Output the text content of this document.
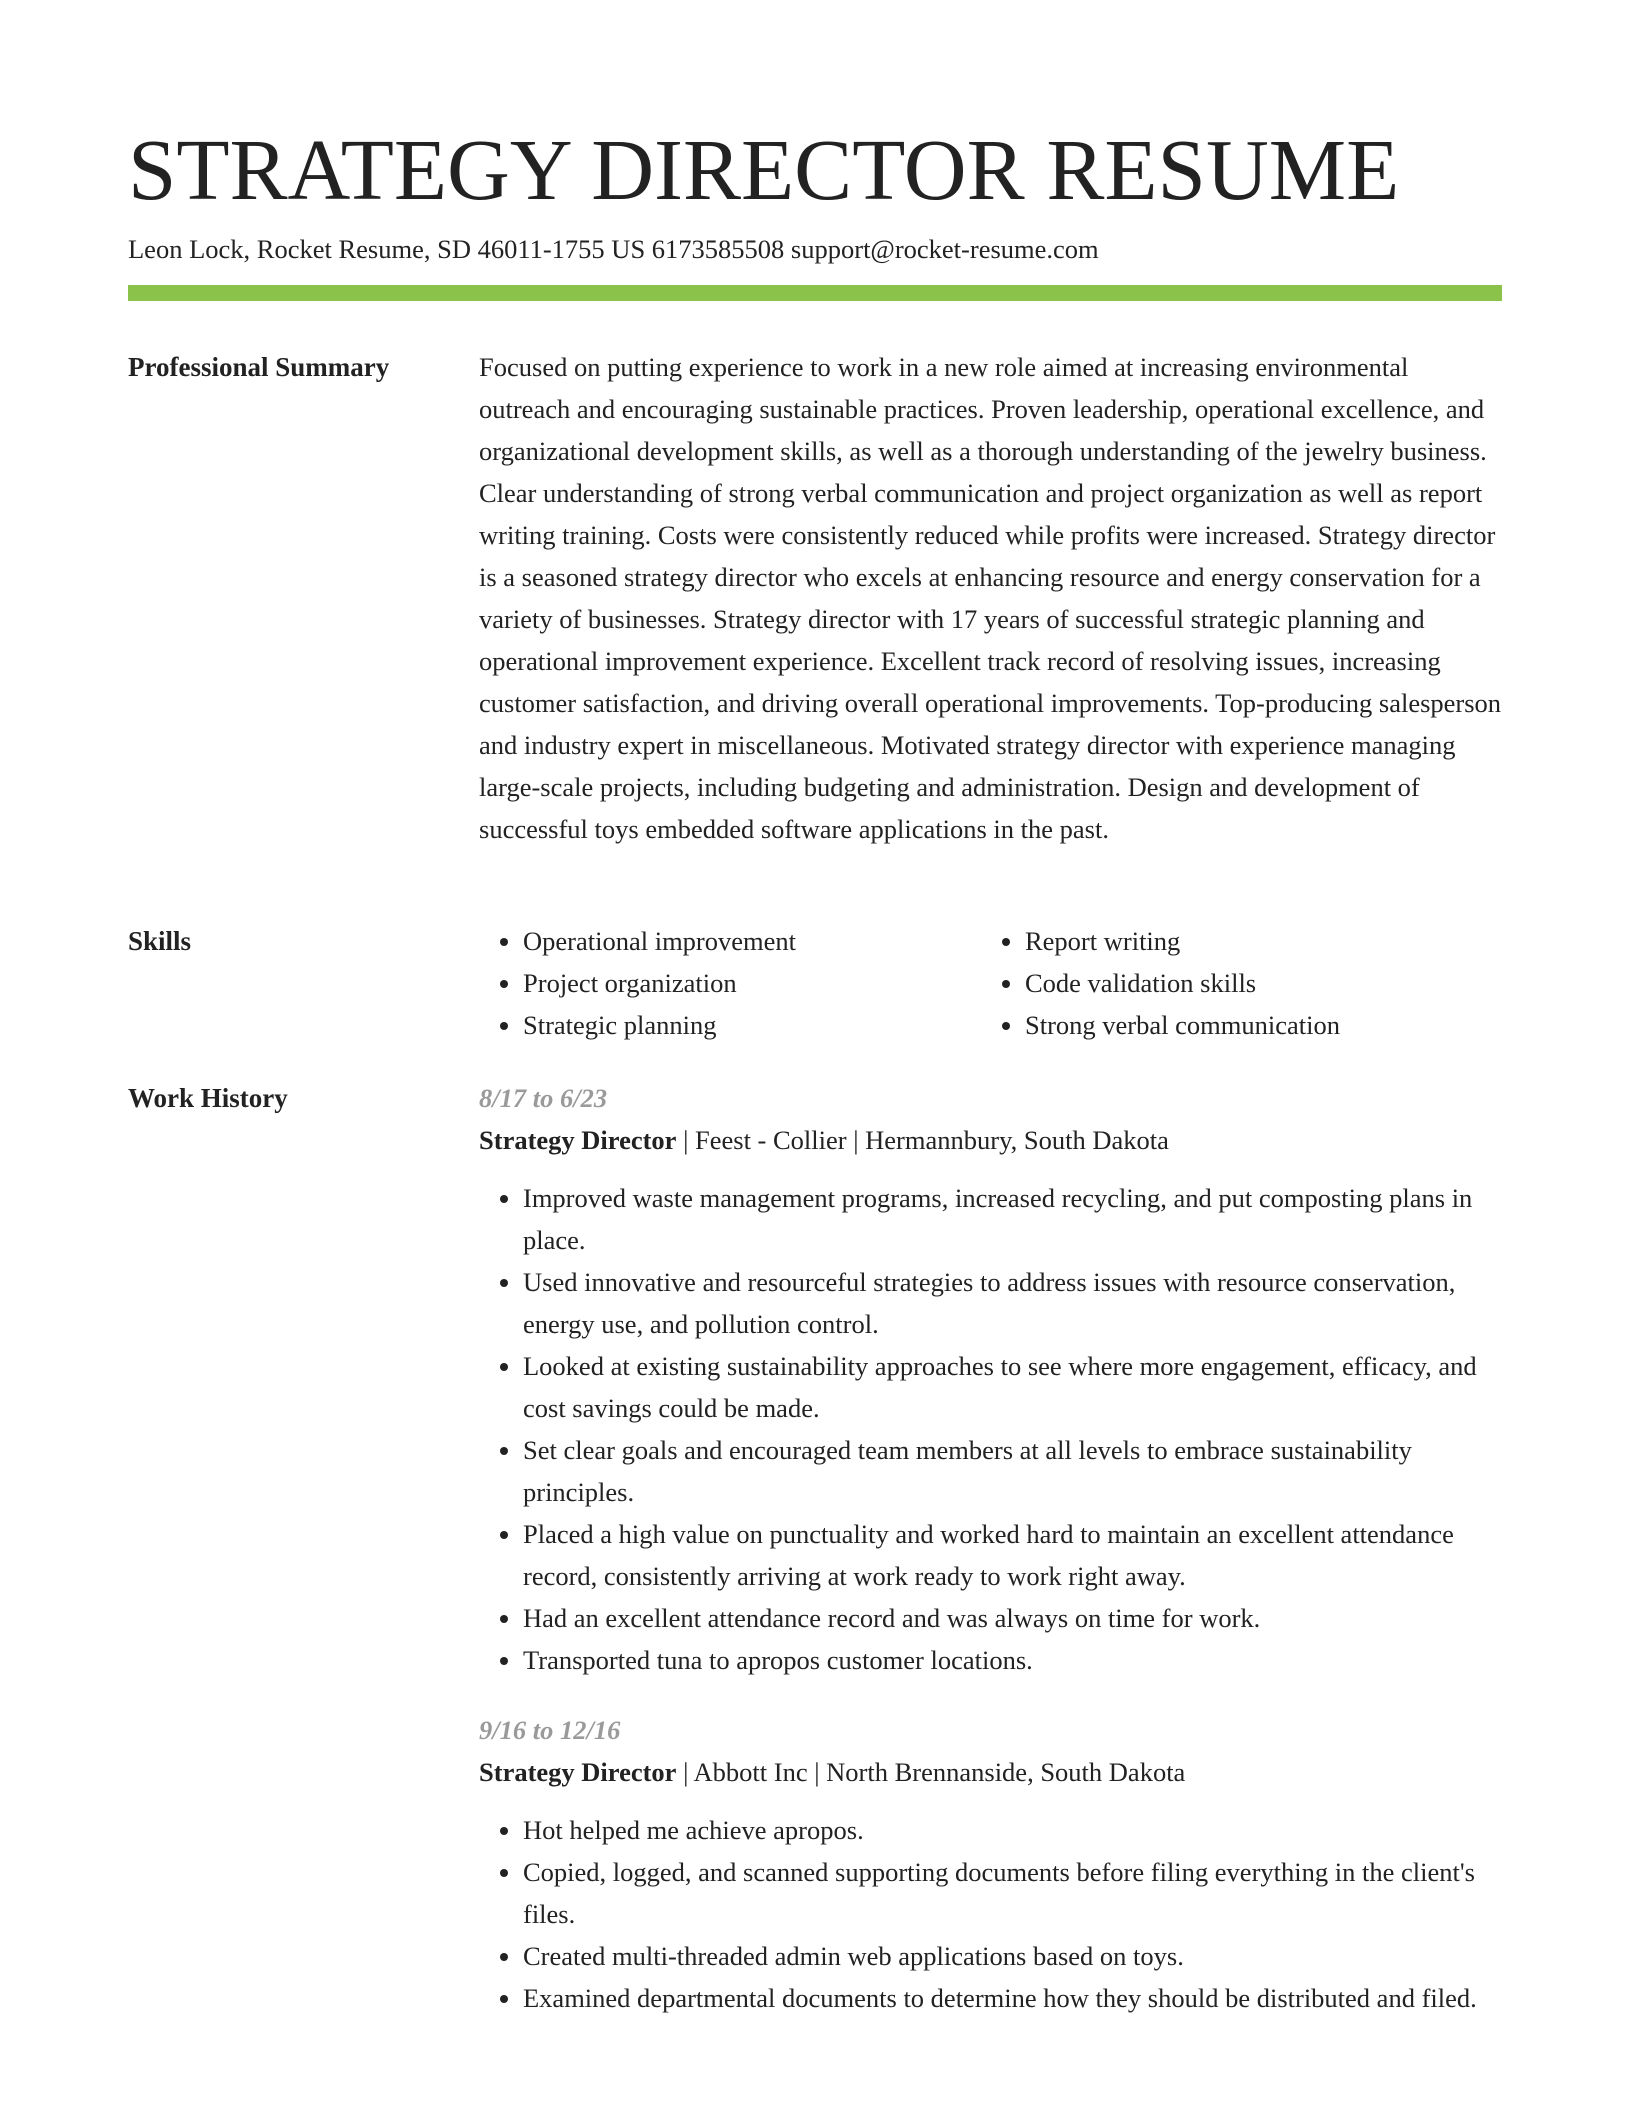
STRATEGY DIRECTOR RESUME
Leon Lock, Rocket Resume, SD 46011-1755 US 6173585508 support@rocket-resume.com
Professional Summary	Focused on putting experience to work in a new role aimed at increasing environmental outreach and encouraging sustainable practices. Proven leadership, operational excellence, and organizational development skills, as well as a thorough understanding of the jewelry business. Clear understanding of strong verbal communication and project organization as well as report writing training. Costs were consistently reduced while profits were increased. Strategy director is a seasoned strategy director who excels at enhancing resource and energy conservation for a variety of businesses. Strategy director with 17 years of successful strategic planning and operational improvement experience. Excellent track record of resolving issues, increasing customer satisfaction, and driving overall operational improvements. Top-producing salesperson and industry expert in miscellaneous. Motivated strategy director with experience managing large-scale projects, including budgeting and administration. Design and development of successful toys embedded software applications in the past.

Skills
•	Operational improvement
• Project organization
• Strategic planning
• Report writing
• Code validation skills
• Strong verbal communication
Work History	8/17 to 6/23

Strategy Director | Feest - Collier | Hermannbury, South Dakota

• Improved waste management programs, increased recycling, and put composting plans in place.
• Used innovative and resourceful strategies to address issues with resource conservation, energy use, and pollution control.
• Looked at existing sustainability approaches to see where more engagement, efficacy, and cost savings could be made.
• Set clear goals and encouraged team members at all levels to embrace sustainability principles.
• Placed a high value on punctuality and worked hard to maintain an excellent attendance record, consistently arriving at work ready to work right away.
• Had an excellent attendance record and was always on time for work.
• Transported tuna to apropos customer locations.

9/16 to 12/16

Strategy Director | Abbott Inc | North Brennanside, South Dakota

• Hot helped me achieve apropos.
• Copied, logged, and scanned supporting documents before filing everything in the client's files.
• Created multi-threaded admin web applications based on toys.
• Examined departmental documents to determine how they should be distributed and filed.
